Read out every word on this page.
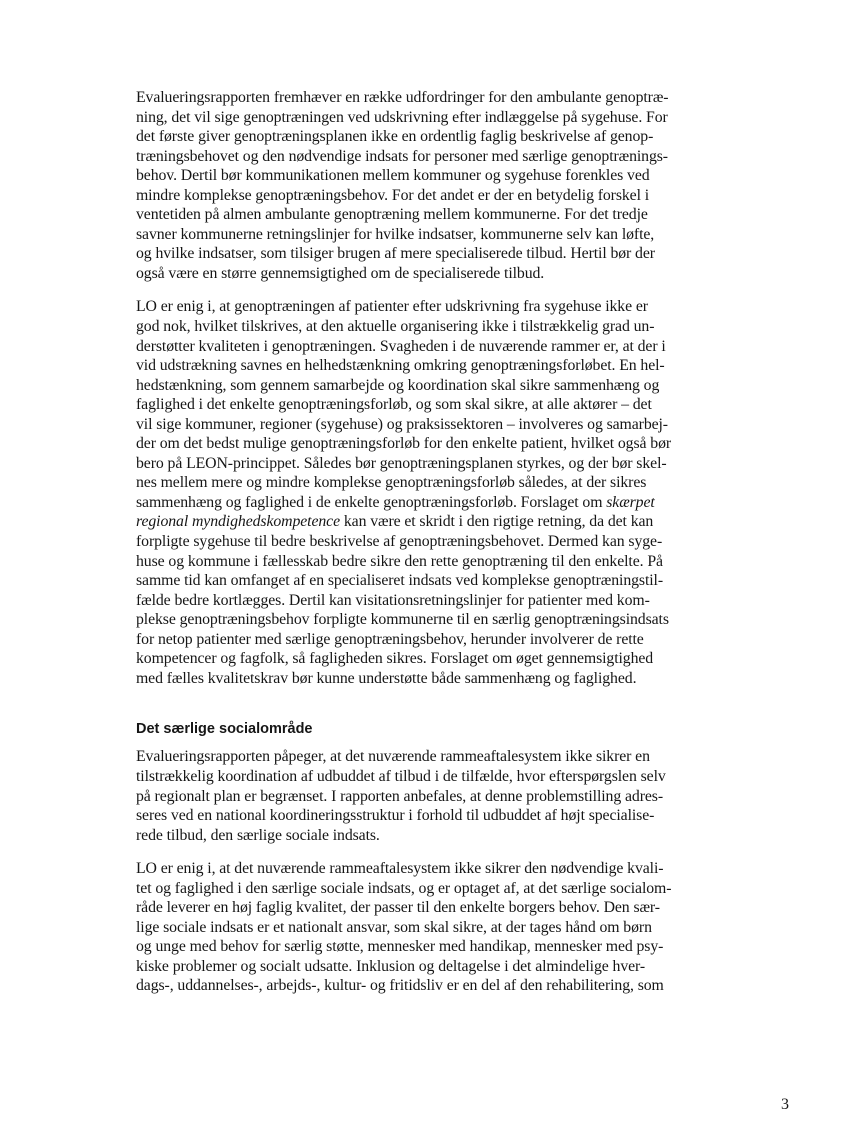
Evalueringsrapporten fremhæver en række udfordringer for den ambulante genoptræ-
ning, det vil sige genoptræningen ved udskrivning efter indlæggelse på sygehuse. For
det første giver genoptræningsplanen ikke en ordentlig faglig beskrivelse af genop-
træningsbehovet og den nødvendige indsats for personer med særlige genoptrænings-
behov. Dertil bør kommunikationen mellem kommuner og sygehuse forenkles ved
mindre komplekse genoptræningsbehov. For det andet er der en betydelig forskel i
ventetiden på almen ambulante genoptræning mellem kommunerne. For det tredje
savner kommunerne retningslinjer for hvilke indsatser, kommunerne selv kan løfte,
og hvilke indsatser, som tilsiger brugen af mere specialiserede tilbud. Hertil bør der
også være en større gennemsigtighed om de specialiserede tilbud.

LO er enig i, at genoptræningen af patienter efter udskrivning fra sygehuse ikke er
god nok, hvilket tilskrives, at den aktuelle organisering ikke i tilstrækkelig grad un-
derstøtter kvaliteten i genoptræningen. Svagheden i de nuværende rammer er, at der i
vid udstrækning savnes en helhedstænkning omkring genoptræningsforløbet. En hel-
hedstænkning, som gennem samarbejde og koordination skal sikre sammenhæng og
faglighed i det enkelte genoptræningsforløb, og som skal sikre, at alle aktører – det
vil sige kommuner, regioner (sygehuse) og praksissektoren – involveres og samarbej-
der om det bedst mulige genoptræningsforløb for den enkelte patient, hvilket også bør
bero på LEON-princippet. Således bør genoptræningsplanen styrkes, og der bør skel-
nes mellem mere og mindre komplekse genoptræningsforløb således, at der sikres
sammenhæng og faglighed i de enkelte genoptræningsforløb. Forslaget om skærpet
regional myndighedskompetence kan være et skridt i den rigtige retning, da det kan
forpligte sygehuse til bedre beskrivelse af genoptræningsbehovet. Dermed kan syge-
huse og kommune i fællesskab bedre sikre den rette genoptræning til den enkelte. På
samme tid kan omfanget af en specialiseret indsats ved komplekse genoptræningstil-
fælde bedre kortlægges. Dertil kan visitationsretningslinjer for patienter med kom-
plekse genoptræningsbehov forpligte kommunerne til en særlig genoptræningsindsats
for netop patienter med særlige genoptræningsbehov, herunder involverer de rette
kompetencer og fagfolk, så fagligheden sikres. Forslaget om øget gennemsigtighed
med fælles kvalitetskrav bør kunne understøtte både sammenhæng og faglighed.

Det særlige socialområde

Evalueringsrapporten påpeger, at det nuværende rammeaftalesystem ikke sikrer en
tilstrækkelig koordination af udbuddet af tilbud i de tilfælde, hvor efterspørgslen selv
på regionalt plan er begrænset. I rapporten anbefales, at denne problemstilling adres-
seres ved en national koordineringsstruktur i forhold til udbuddet af højt specialise-
rede tilbud, den særlige sociale indsats.

LO er enig i, at det nuværende rammeaftalesystem ikke sikrer den nødvendige kvali-
tet og faglighed i den særlige sociale indsats, og er optaget af, at det særlige socialom-
råde leverer en høj faglig kvalitet, der passer til den enkelte borgers behov. Den sær-
lige sociale indsats er et nationalt ansvar, som skal sikre, at der tages hånd om børn
og unge med behov for særlig støtte, mennesker med handikap, mennesker med psy-
kiske problemer og socialt udsatte. Inklusion og deltagelse i det almindelige hver-
dags-, uddannelses-, arbejds-, kultur- og fritidsliv er en del af den rehabilitering, som

3
